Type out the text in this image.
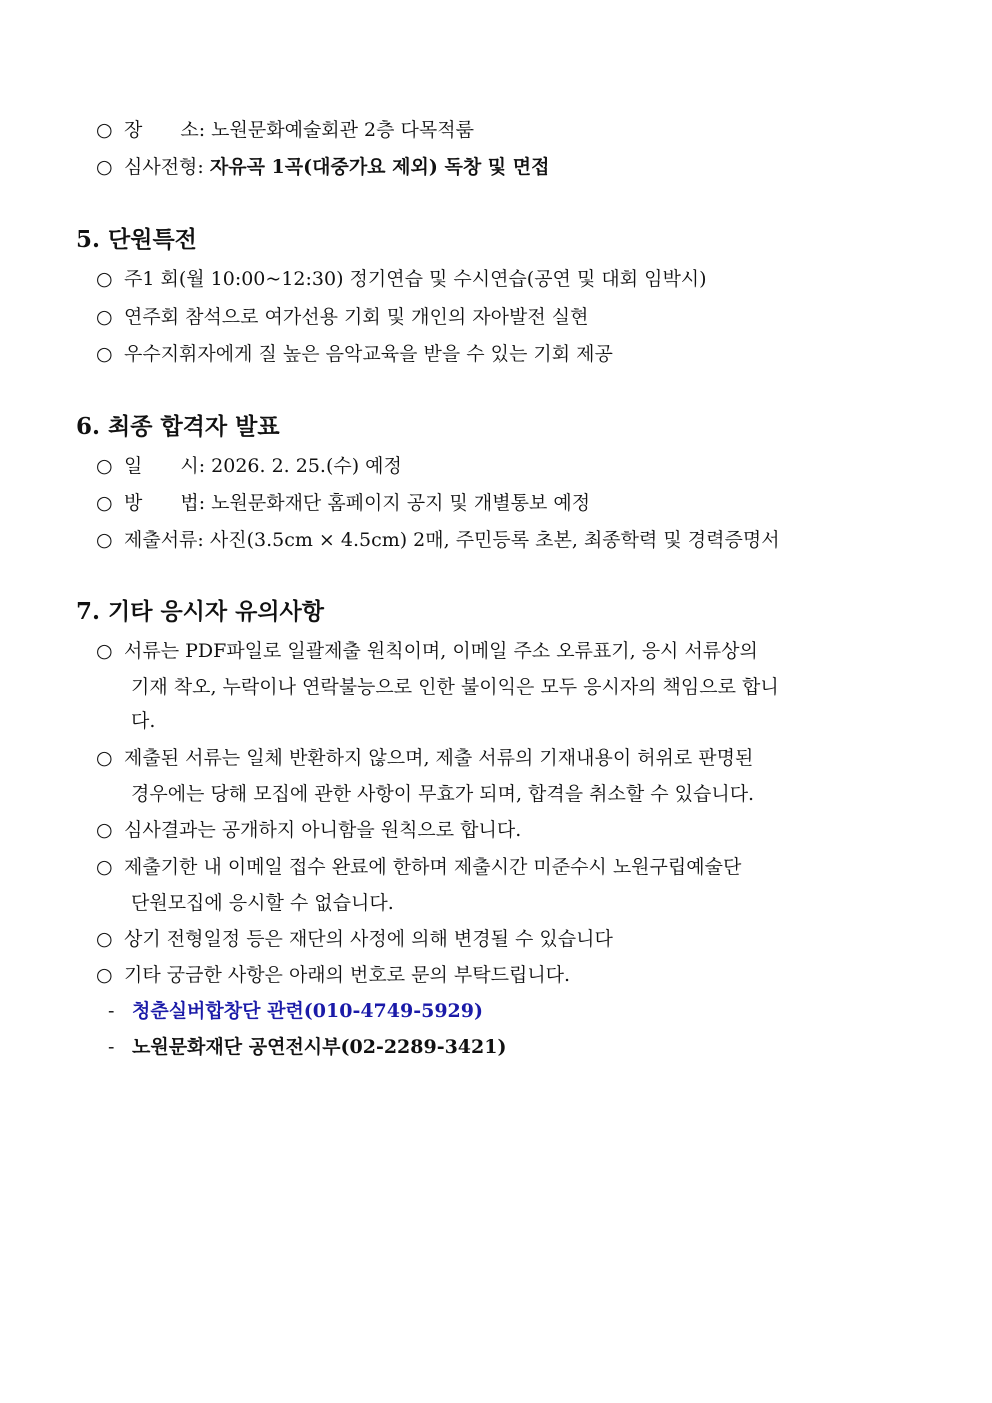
○ 장　　소: 노원문화예술회관 2층 다목적룸
○ 심사전형: 자유곡 1곡(대중가요 제외) 독창 및 면접
5. 단원특전
○ 주1 회(월 10:00~12:30) 정기연습 및 수시연습(공연 및 대회 임박시)
○ 연주회 참석으로 여가선용 기회 및 개인의 자아발전 실현
○ 우수지휘자에게 질 높은 음악교육을 받을 수 있는 기회 제공
6. 최종 합격자 발표
○ 일　　시: 2026. 2. 25.(수) 예정
○ 방　　법: 노원문화재단 홈페이지 공지 및 개별통보 예정
○ 제출서류: 사진(3.5cm × 4.5cm) 2매, 주민등록 초본, 최종학력 및 경력증명서
7. 기타 응시자 유의사항
○ 서류는 PDF파일로 일괄제출 원칙이며, 이메일 주소 오류표기, 응시 서류상의
기재 착오, 누락이나 연락불능으로 인한 불이익은 모두 응시자의 책임으로 합니
다.
○ 제출된 서류는 일체 반환하지 않으며, 제출 서류의 기재내용이 허위로 판명된
경우에는 당해 모집에 관한 사항이 무효가 되며, 합격을 취소할 수 있습니다.
○ 심사결과는 공개하지 아니함을 원칙으로 합니다.
○ 제출기한 내 이메일 접수 완료에 한하며 제출시간 미준수시 노원구립예술단
단원모집에 응시할 수 없습니다.
○ 상기 전형일정 등은 재단의 사정에 의해 변경될 수 있습니다
○ 기타 궁금한 사항은 아래의 번호로 문의 부탁드립니다.
- 청춘실버합창단 관련(010-4749-5929)
- 노원문화재단 공연전시부(02-2289-3421)
